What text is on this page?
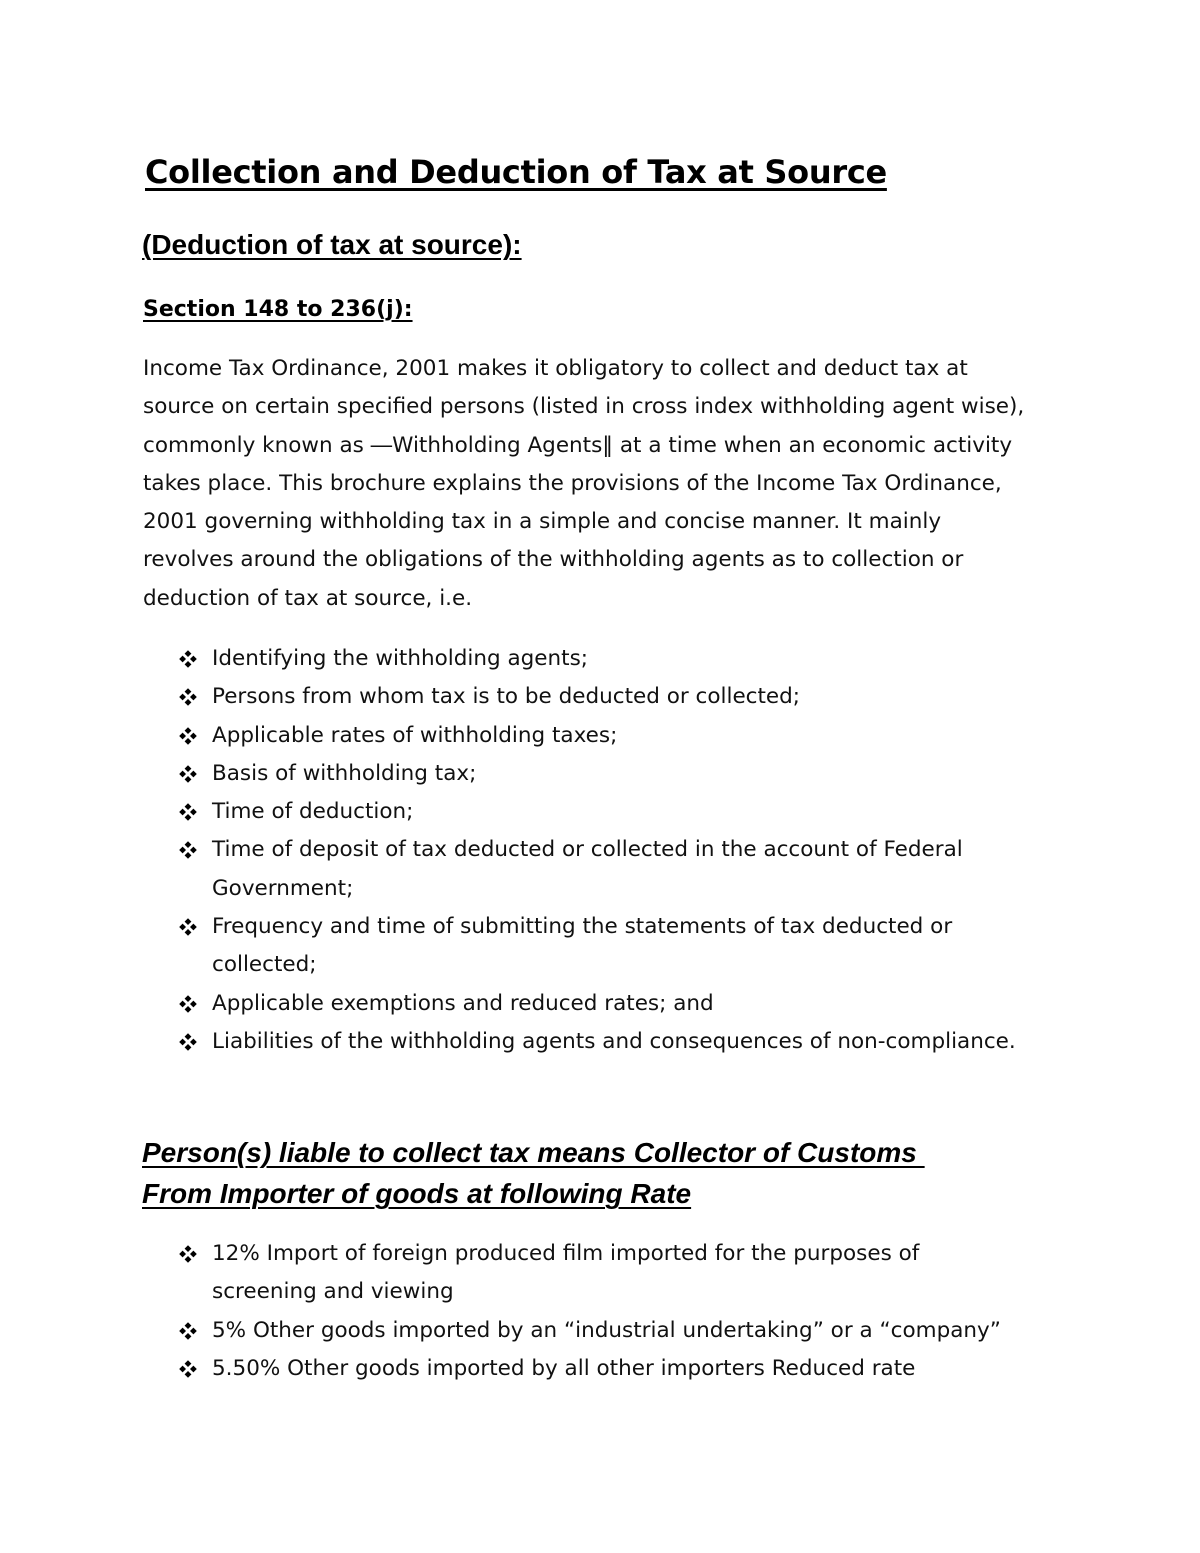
Collection and Deduction of Tax at Source
(Deduction of tax at source):
Section 148 to 236(j):

Income Tax Ordinance, 2001 makes it obligatory to collect and deduct tax at
source on certain specified persons (listed in cross index withholding agent wise),
commonly known as ―Withholding Agents‖ at a time when an economic activity
takes place. This brochure explains the provisions of the Income Tax Ordinance,
2001 governing withholding tax in a simple and concise manner. It mainly
revolves around the obligations of the withholding agents as to collection or
deduction of tax at source, i.e.

Identifying the withholding agents;
Persons from whom tax is to be deducted or collected;
Applicable rates of withholding taxes;
Basis of withholding tax;
Time of deduction;
Time of deposit of tax deducted or collected in the account of Federal
Government;
Frequency and time of submitting the statements of tax deducted or
collected;
Applicable exemptions and reduced rates; and
Liabilities of the withholding agents and consequences of non-compliance.
Person(s) liable to collect tax means Collector of Customs
From Importer of goods at following Rate
12% Import of foreign produced film imported for the purposes of
screening and viewing
5% Other goods imported by an “industrial undertaking” or a “company”
5.50% Other goods imported by all other importers Reduced rate
